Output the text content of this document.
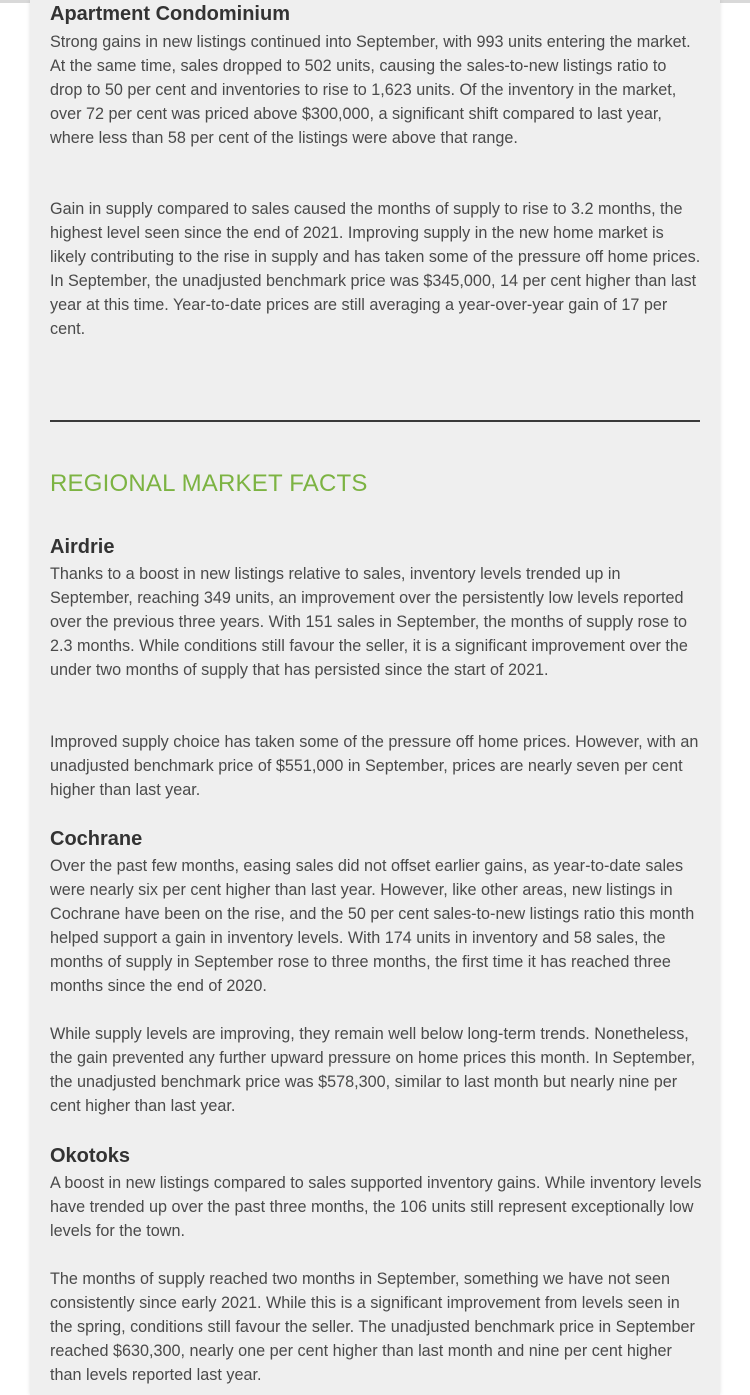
Apartment Condominium

Strong gains in new listings continued into September, with 993 units entering the market. At the same time, sales dropped to 502 units, causing the sales-to-new listings ratio to drop to 50 per cent and inventories to rise to 1,623 units. Of the inventory in the market, over 72 per cent was priced above $300,000, a significant shift compared to last year, where less than 58 per cent of the listings were above that range.

Gain in supply compared to sales caused the months of supply to rise to 3.2 months, the highest level seen since the end of 2021. Improving supply in the new home market is likely contributing to the rise in supply and has taken some of the pressure off home prices. In September, the unadjusted benchmark price was $345,000, 14 per cent higher than last year at this time. Year-to-date prices are still averaging a year-over-year gain of 17 per cent.

REGIONAL MARKET FACTS
Airdrie

Thanks to a boost in new listings relative to sales, inventory levels trended up in September, reaching 349 units, an improvement over the persistently low levels reported over the previous three years. With 151 sales in September, the months of supply rose to 2.3 months. While conditions still favour the seller, it is a significant improvement over the under two months of supply that has persisted since the start of 2021.

Improved supply choice has taken some of the pressure off home prices. However, with an unadjusted benchmark price of $551,000 in September, prices are nearly seven per cent higher than last year.

Cochrane

Over the past few months, easing sales did not offset earlier gains, as year-to-date sales were nearly six per cent higher than last year. However, like other areas, new listings in Cochrane have been on the rise, and the 50 per cent sales-to-new listings ratio this month helped support a gain in inventory levels. With 174 units in inventory and 58 sales, the months of supply in September rose to three months, the first time it has reached three months since the end of 2020.

While supply levels are improving, they remain well below long-term trends. Nonetheless, the gain prevented any further upward pressure on home prices this month. In September, the unadjusted benchmark price was $578,300, similar to last month but nearly nine per cent higher than last year.

Okotoks

A boost in new listings compared to sales supported inventory gains. While inventory levels have trended up over the past three months, the 106 units still represent exceptionally low levels for the town.

The months of supply reached two months in September, something we have not seen consistently since early 2021. While this is a significant improvement from levels seen in the spring, conditions still favour the seller. The unadjusted benchmark price in September reached $630,300, nearly one per cent higher than last month and nine per cent higher than levels reported last year.
